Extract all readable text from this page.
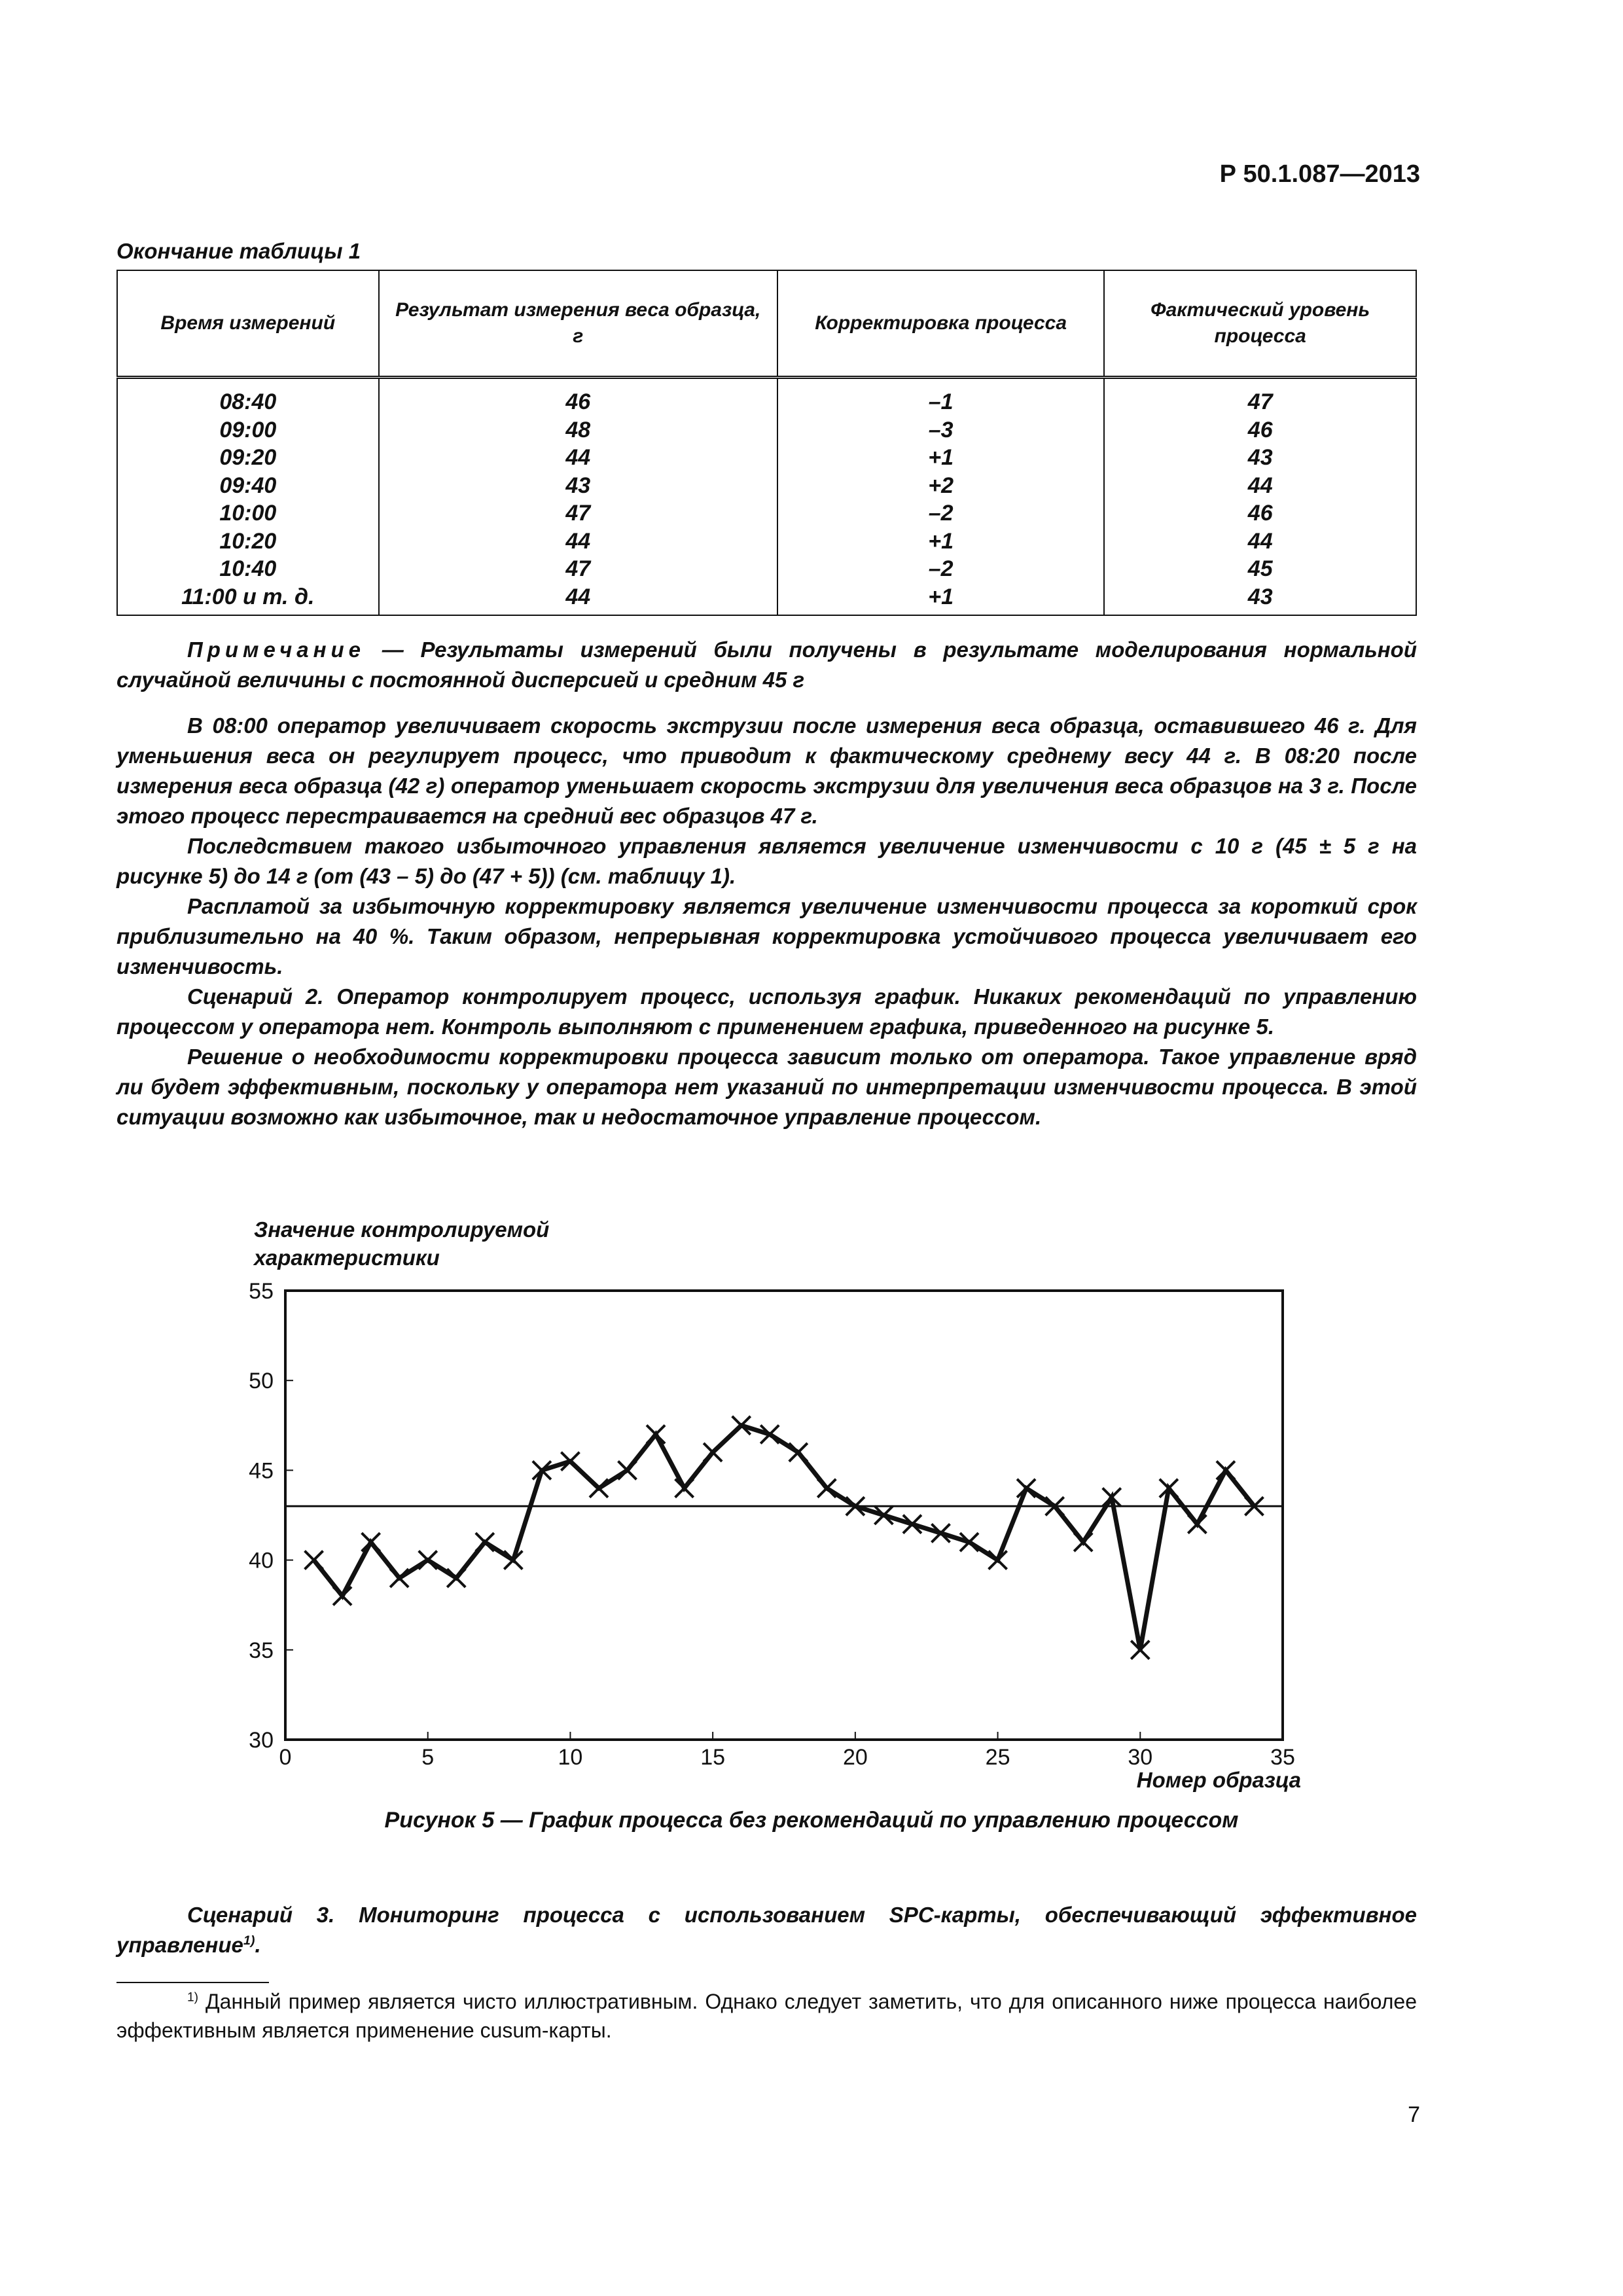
Р 50.1.087—2013
Окончание таблицы 1
Время измерений	Результат измерения веса образца, г	Корректировка процесса	Фактический уровень процесса
08:40	46	–1	47
09:00	48	–3	46
09:20	44	+1	43
09:40	43	+2	44
10:00	47	–2	46
10:20	44	+1	44
10:40	47	–2	45
11:00 и т. д.	44	+1	43

Примечание — Результаты измерений были получены в результате моделирования нормальной случайной величины с постоянной дисперсией и средним 45 г

В 08:00 оператор увеличивает скорость экструзии после измерения веса образца, оставившего 46 г. Для уменьшения веса он регулирует процесс, что приводит к фактическому среднему весу 44 г. В 08:20 после измерения веса образца (42 г) оператор уменьшает скорость экструзии для увеличения веса образцов на 3 г. После этого процесс перестраивается на средний вес образцов 47 г.

Последствием такого избыточного управления является увеличение изменчивости с 10 г (45 ± 5 г на рисунке 5) до 14 г (от (43 – 5) до (47 + 5)) (см. таблицу 1).

Расплатой за избыточную корректировку является увеличение изменчивости процесса за короткий срок приблизительно на 40 %. Таким образом, непрерывная корректировка устойчивого процесса увеличивает его изменчивость.

Сценарий 2. Оператор контролирует процесс, используя график. Никаких рекомендаций по управлению процессом у оператора нет. Контроль выполняют с применением графика, приведенного на рисунке 5.

Решение о необходимости корректировки процесса зависит только от оператора. Такое управление вряд ли будет эффективным, поскольку у оператора нет указаний по интерпретации изменчивости процесса. В этой ситуации возможно как избыточное, так и недостаточное управление процессом.

Значение контролируемой
характеристики
Номер образца
30
35
40
45
50
55
0	5	10	15	20	25	30	35
Рисунок 5 — График процесса без рекомендаций по управлению процессом

Сценарий 3. Мониторинг процесса с использованием SPC-карты, обеспечивающий эффективное управление$^{1)}$.

$^{1)}$ Данный пример является чисто иллюстративным. Однако следует заметить, что для описанного ниже процесса наиболее эффективным является применение cusum-карты.

7
